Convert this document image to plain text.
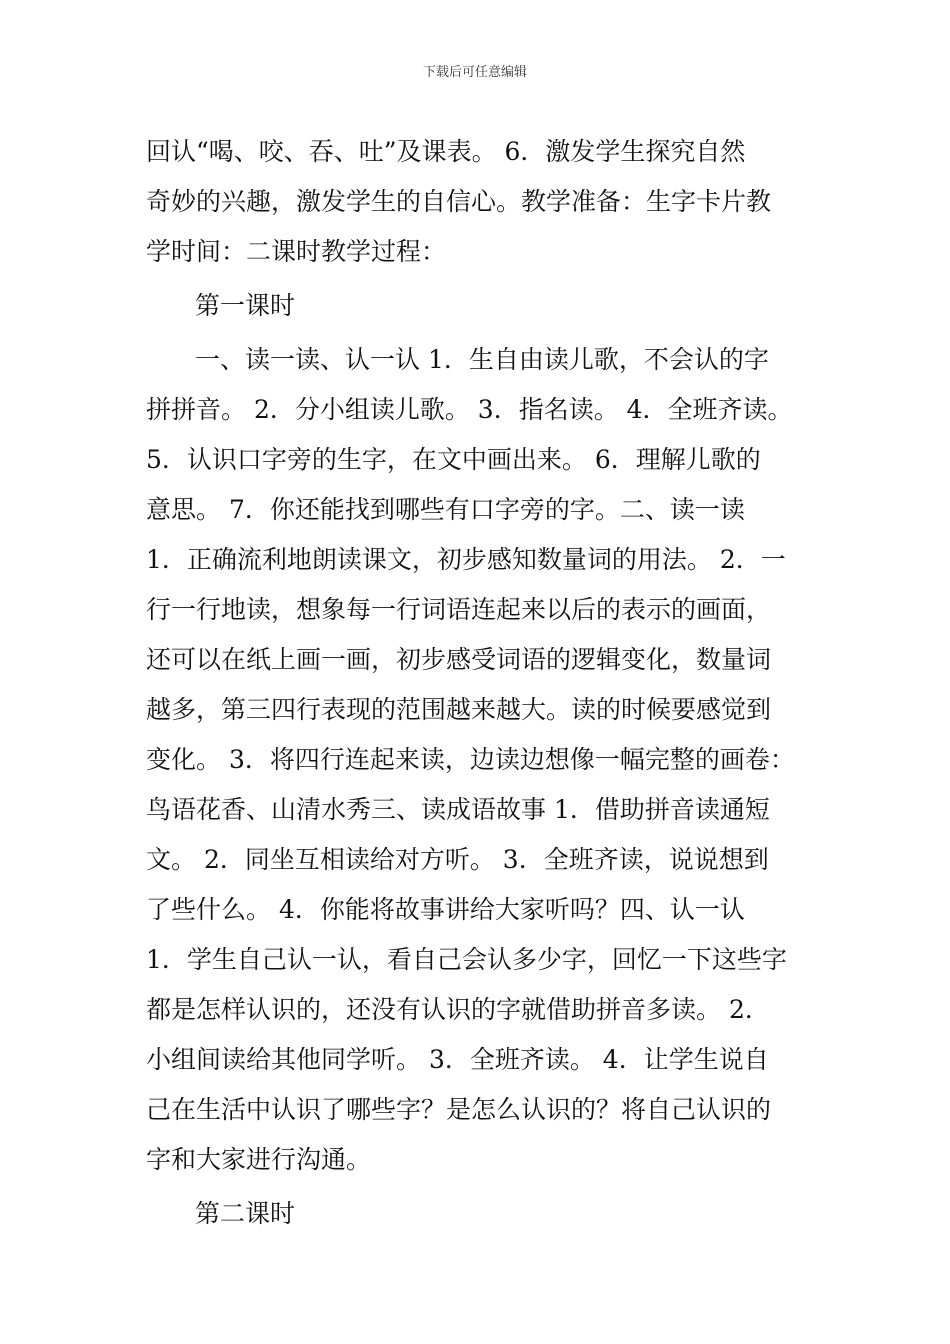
下载后可任意编辑
回认“喝、咬、吞、吐”及课表。 6．激发学生探究自然
奇妙的兴趣，激发学生的自信心。教学准备：生字卡片教
学时间：二课时教学过程：
第一课时
一、读一读、认一认 1．生自由读儿歌，不会认的字
拼拼音。 2．分小组读儿歌。 3．指名读。 4．全班齐读。
5．认识口字旁的生字，在文中画出来。 6．理解儿歌的
意思。 7．你还能找到哪些有口字旁的字。二、读一读
1．正确流利地朗读课文，初步感知数量词的用法。 2．一
行一行地读，想象每一行词语连起来以后的表示的画面，
还可以在纸上画一画，初步感受词语的逻辑变化，数量词
越多，第三四行表现的范围越来越大。读的时候要感觉到
变化。 3．将四行连起来读，边读边想像一幅完整的画卷：
鸟语花香、山清水秀三、读成语故事 1．借助拼音读通短
文。 2．同坐互相读给对方听。 3．全班齐读，说说想到
了些什么。 4．你能将故事讲给大家听吗？四、认一认
1．学生自己认一认，看自己会认多少字，回忆一下这些字
都是怎样认识的，还没有认识的字就借助拼音多读。 2．
小组间读给其他同学听。 3．全班齐读。 4．让学生说自
己在生活中认识了哪些字？是怎么认识的？将自己认识的
字和大家进行沟通。
第二课时
